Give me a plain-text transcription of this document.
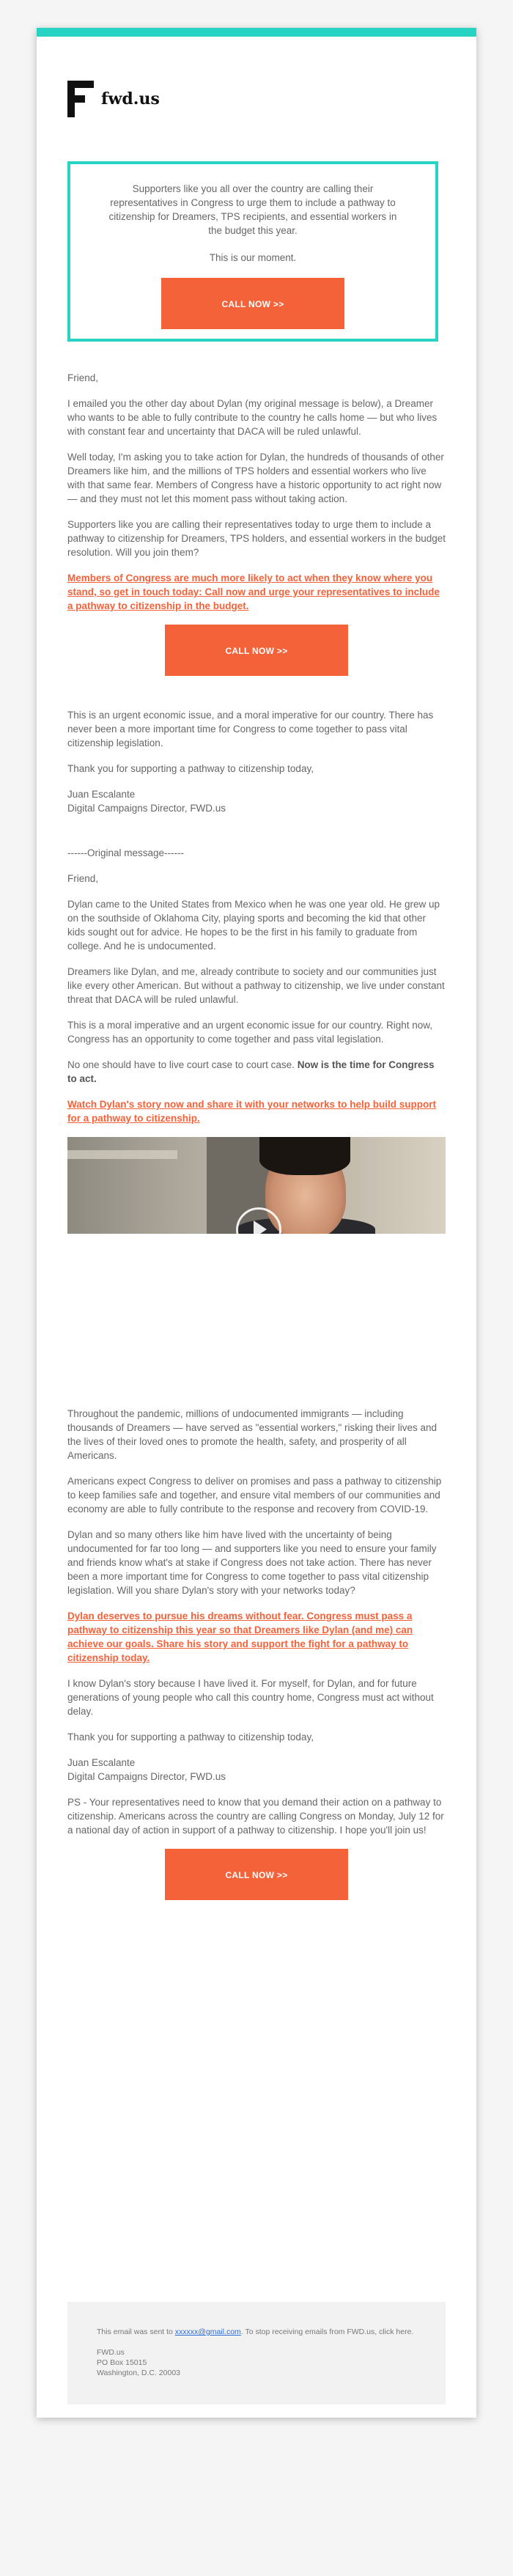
fwd.us

Supporters like you all over the country are calling their representatives in Congress to urge them to include a pathway to citizenship for Dreamers, TPS recipients, and essential workers in the budget this year.

This is our moment.

CALL NOW >>

Friend,

I emailed you the other day about Dylan (my original message is below), a Dreamer who wants to be able to fully contribute to the country he calls home — but who lives with constant fear and uncertainty that DACA will be ruled unlawful.

Well today, I'm asking you to take action for Dylan, the hundreds of thousands of other Dreamers like him, and the millions of TPS holders and essential workers who live with that same fear. Members of Congress have a historic opportunity to act right now — and they must not let this moment pass without taking action.

Supporters like you are calling their representatives today to urge them to include a pathway to citizenship for Dreamers, TPS holders, and essential workers in the budget resolution. Will you join them?

Members of Congress are much more likely to act when they know where you stand, so get in touch today: Call now and urge your representatives to include a pathway to citizenship in the budget.

CALL NOW >>

This is an urgent economic issue, and a moral imperative for our country. There has never been a more important time for Congress to come together to pass vital citizenship legislation.

Thank you for supporting a pathway to citizenship today,

Juan Escalante
Digital Campaigns Director, FWD.us

------Original message------

Friend,

Dylan came to the United States from Mexico when he was one year old. He grew up on the southside of Oklahoma City, playing sports and becoming the kid that other kids sought out for advice. He hopes to be the first in his family to graduate from college. And he is undocumented.

Dreamers like Dylan, and me, already contribute to society and our communities just like every other American. But without a pathway to citizenship, we live under constant threat that DACA will be ruled unlawful.

This is a moral imperative and an urgent economic issue for our country. Right now, Congress has an opportunity to come together and pass vital legislation.

No one should have to live court case to court case. Now is the time for Congress to act.

Watch Dylan's story now and share it with your networks to help build support for a pathway to citizenship.

Throughout the pandemic, millions of undocumented immigrants — including thousands of Dreamers — have served as "essential workers," risking their lives and the lives of their loved ones to promote the health, safety, and prosperity of all Americans.

Americans expect Congress to deliver on promises and pass a pathway to citizenship to keep families safe and together, and ensure vital members of our communities and economy are able to fully contribute to the response and recovery from COVID-19.

Dylan and so many others like him have lived with the uncertainty of being undocumented for far too long — and supporters like you need to ensure your family and friends know what's at stake if Congress does not take action. There has never been a more important time for Congress to come together to pass vital citizenship legislation. Will you share Dylan's story with your networks today?

Dylan deserves to pursue his dreams without fear. Congress must pass a pathway to citizenship this year so that Dreamers like Dylan (and me) can achieve our goals. Share his story and support the fight for a pathway to citizenship today.

I know Dylan's story because I have lived it. For myself, for Dylan, and for future generations of young people who call this country home, Congress must act without delay.

Thank you for supporting a pathway to citizenship today,

Juan Escalante
Digital Campaigns Director, FWD.us

PS - Your representatives need to know that you demand their action on a pathway to citizenship. Americans across the country are calling Congress on Monday, July 12 for a national day of action in support of a pathway to citizenship. I hope you'll join us!

CALL NOW >>

This email was sent to xxxxxx@gmail.com. To stop receiving emails from FWD.us, click here.

FWD.us
PO Box 15015
Washington, D.C. 20003
